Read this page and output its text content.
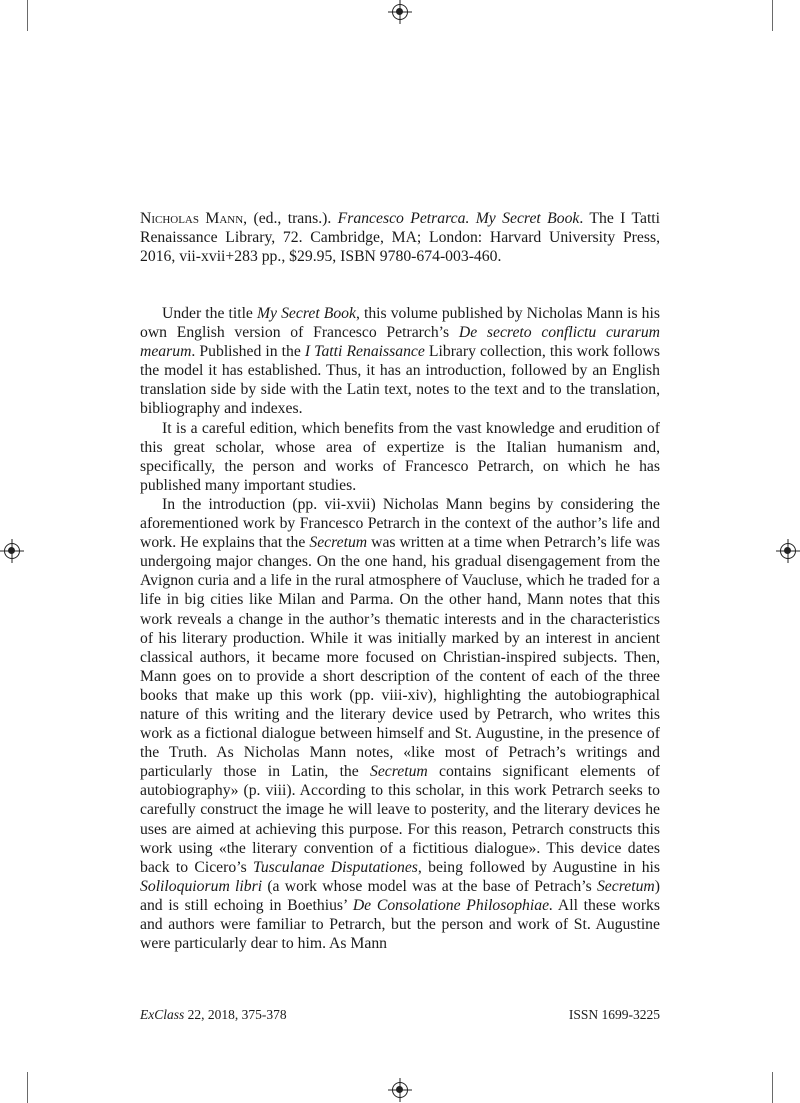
Nicholas Mann, (ed., trans.). Francesco Petrarca. My Secret Book. The I Tatti Renaissance Library, 72. Cambridge, MA; London: Harvard University Press, 2016, vii-xvii+283 pp., $29.95, ISBN 9780-674-003-460.

Under the title My Secret Book, this volume published by Nicholas Mann is his own English version of Francesco Petrarch’s De secreto conflictu curarum mearum. Published in the I Tatti Renaissance Library collection, this work follows the model it has established. Thus, it has an introduction, followed by an English translation side by side with the Latin text, notes to the text and to the translation, bibliography and indexes.

It is a careful edition, which benefits from the vast knowledge and erudition of this great scholar, whose area of expertize is the Italian humanism and, specifically, the person and works of Francesco Petrarch, on which he has published many important studies.

In the introduction (pp. vii-xvii) Nicholas Mann begins by considering the aforementioned work by Francesco Petrarch in the context of the author’s life and work. He explains that the Secretum was written at a time when Petrarch’s life was undergoing major changes. On the one hand, his gradual disengagement from the Avignon curia and a life in the rural atmosphere of Vaucluse, which he traded for a life in big cities like Milan and Parma. On the other hand, Mann notes that this work reveals a change in the author’s thematic interests and in the characteristics of his literary production. While it was initially marked by an interest in ancient classical authors, it became more focused on Christian-inspired subjects. Then, Mann goes on to provide a short description of the content of each of the three books that make up this work (pp. viii-xiv), highlighting the autobiographical nature of this writing and the literary device used by Petrarch, who writes this work as a fictional dialogue between himself and St. Augustine, in the presence of the Truth. As Nicholas Mann notes, «like most of Petrach’s writings and particularly those in Latin, the Secretum contains significant elements of autobiography» (p. viii). According to this scholar, in this work Petrarch seeks to carefully construct the image he will leave to posterity, and the literary devices he uses are aimed at achieving this purpose. For this reason, Petrarch constructs this work using «the literary convention of a fictitious dialogue». This device dates back to Cicero’s Tusculanae Disputationes, being followed by Augustine in his Soliloquiorum libri (a work whose model was at the base of Petrach’s Secretum) and is still echoing in Boethius’ De Consolatione Philosophiae. All these works and authors were familiar to Petrarch, but the person and work of St. Augustine were particularly dear to him. As Mann

ExClass 22, 2018, 375-378	ISSN 1699-3225
